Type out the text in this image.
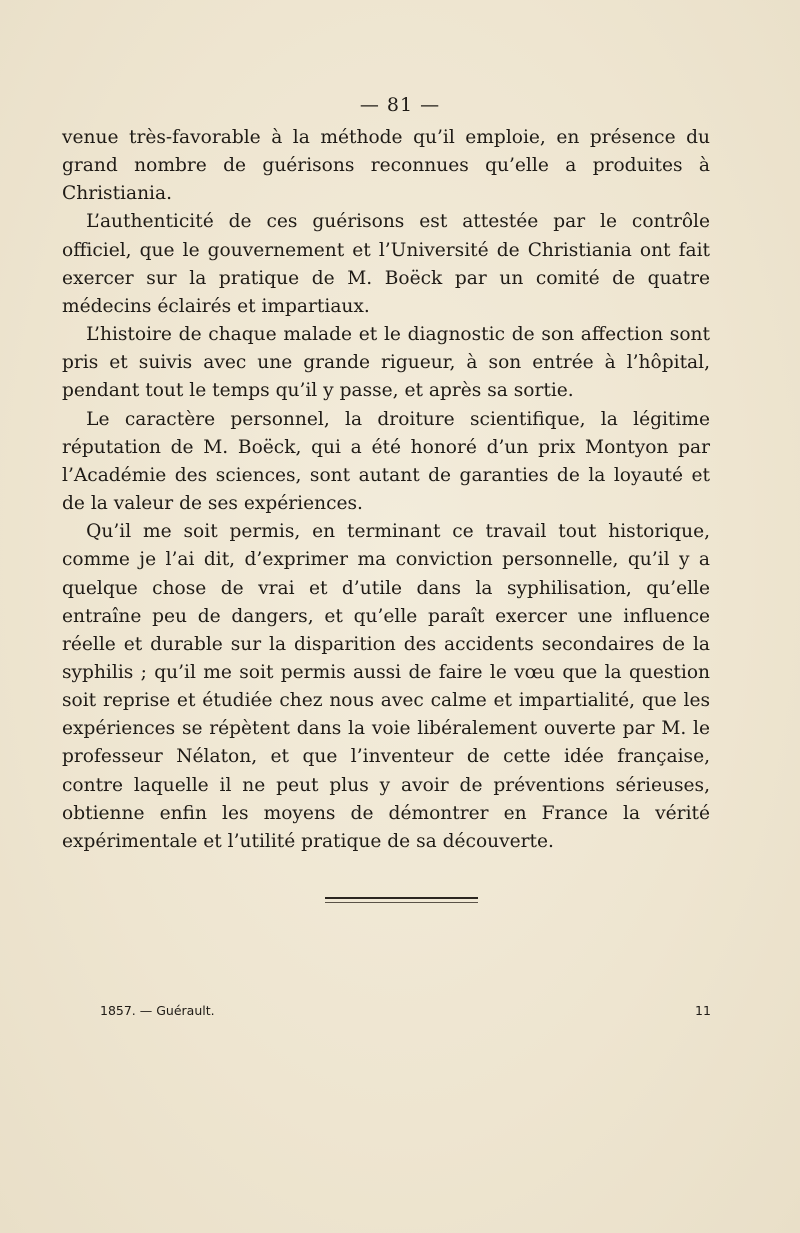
— 81 —

venue très-favorable à la méthode qu’il emploie, en présence du grand nombre de guérisons reconnues qu’elle a produites à Christiania.

L’authenticité de ces guérisons est attestée par le contrôle officiel, que le gouvernement et l’Université de Christiania ont fait exercer sur la pratique de M. Boëck par un comité de quatre médecins éclairés et impartiaux.

L’histoire de chaque malade et le diagnostic de son affection sont pris et suivis avec une grande rigueur, à son entrée à l’hôpital, pendant tout le temps qu’il y passe, et après sa sortie.

Le caractère personnel, la droiture scientifique, la légitime réputation de M. Boëck, qui a été honoré d’un prix Montyon par l’Académie des sciences, sont autant de garanties de la loyauté et de la valeur de ses expériences.

Qu’il me soit permis, en terminant ce travail tout historique, comme je l’ai dit, d’exprimer ma conviction personnelle, qu’il y a quelque chose de vrai et d’utile dans la syphilisation, qu’elle entraîne peu de dangers, et qu’elle paraît exercer une influence réelle et durable sur la disparition des accidents secondaires de la syphilis ; qu’il me soit permis aussi de faire le vœu que la question soit reprise et étudiée chez nous avec calme et impartialité, que les expériences se répètent dans la voie libéralement ouverte par M. le professeur Nélaton, et que l’inventeur de cette idée française, contre laquelle il ne peut plus y avoir de préventions sérieuses, obtienne enfin les moyens de démontrer en France la vérité expérimentale et l’utilité pratique de sa découverte.

1857. — Guérault.	11
